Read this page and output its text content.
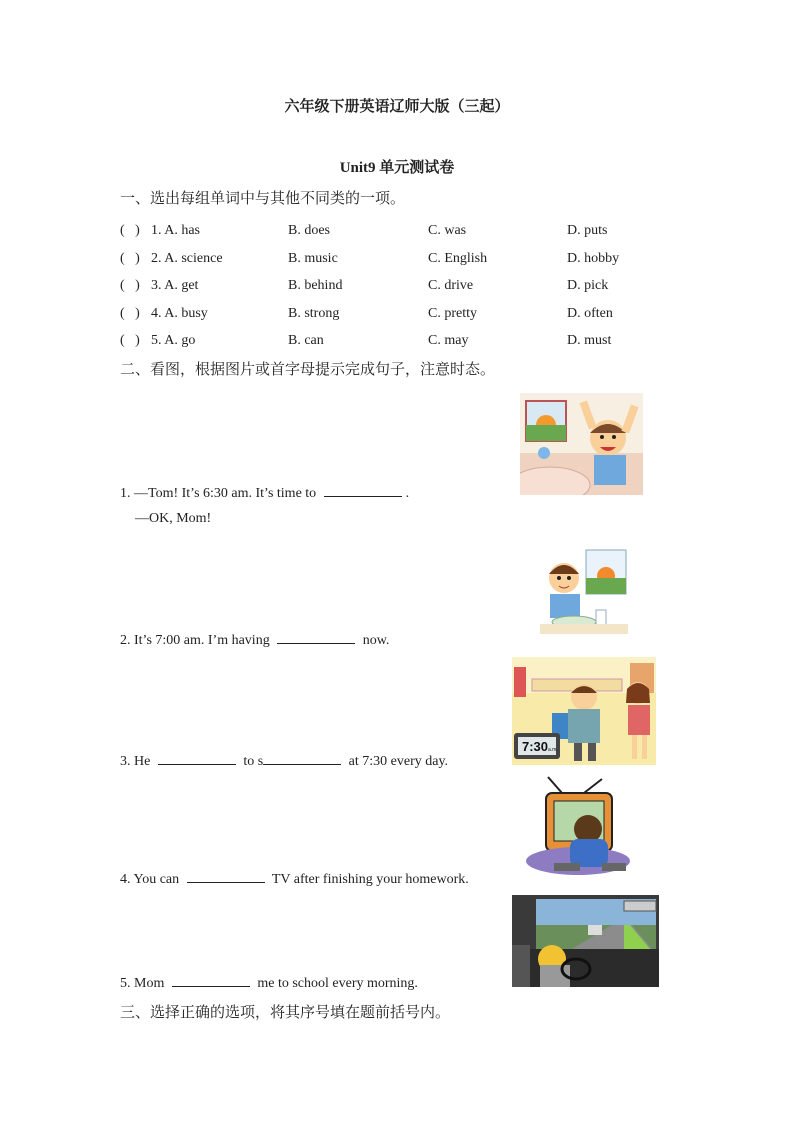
六年级下册英语辽师大版（三起）
Unit9 单元测试卷
一、选出每组单词中与其他不同类的一项。
(   ) 1. A. has	B. does	C. was	D. puts
(   ) 2. A. science	B. music	C. English	D. hobby
(   ) 3. A. get	B. behind	C. drive	D. pick
(   ) 4. A. busy	B. strong	C. pretty	D. often
(   ) 5. A. go	B. can	C. may	D. must
二、看图，根据图片或首字母提示完成句子，注意时态。
1. —Tom! It’s 6:30 am. It’s time to	.
—OK, Mom!
2. It’s 7:00 am. I’m having	now.
7:30 a.m.
3. He	to s	at 7:30 every day.
4. You can	TV after finishing your homework.
5. Mom	me to school every morning.
三、选择正确的选项，将其序号填在题前括号内。
